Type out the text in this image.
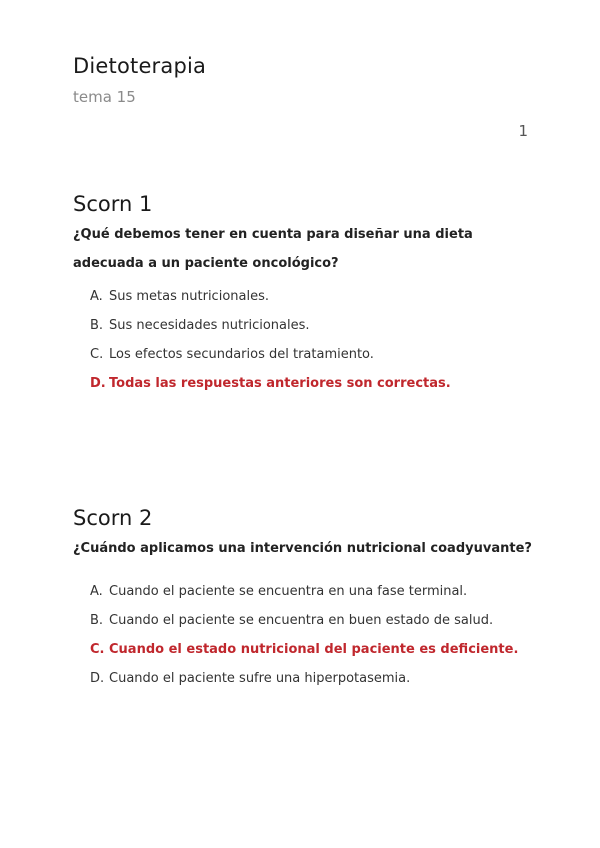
Dietoterapia
tema 15
1
Scorn 1

¿Qué debemos tener en cuenta para diseñar una dieta adecuada a un paciente oncológico?

A. Sus metas nutricionales.
B. Sus necesidades nutricionales.
C. Los efectos secundarios del tratamiento.
D. Todas las respuestas anteriores son correctas.
Scorn 2

¿Cuándo aplicamos una intervención nutricional coadyuvante?

A. Cuando el paciente se encuentra en una fase terminal.
B. Cuando el paciente se encuentra en buen estado de salud.
C. Cuando el estado nutricional del paciente es deficiente.
D. Cuando el paciente sufre una hiperpotasemia.
